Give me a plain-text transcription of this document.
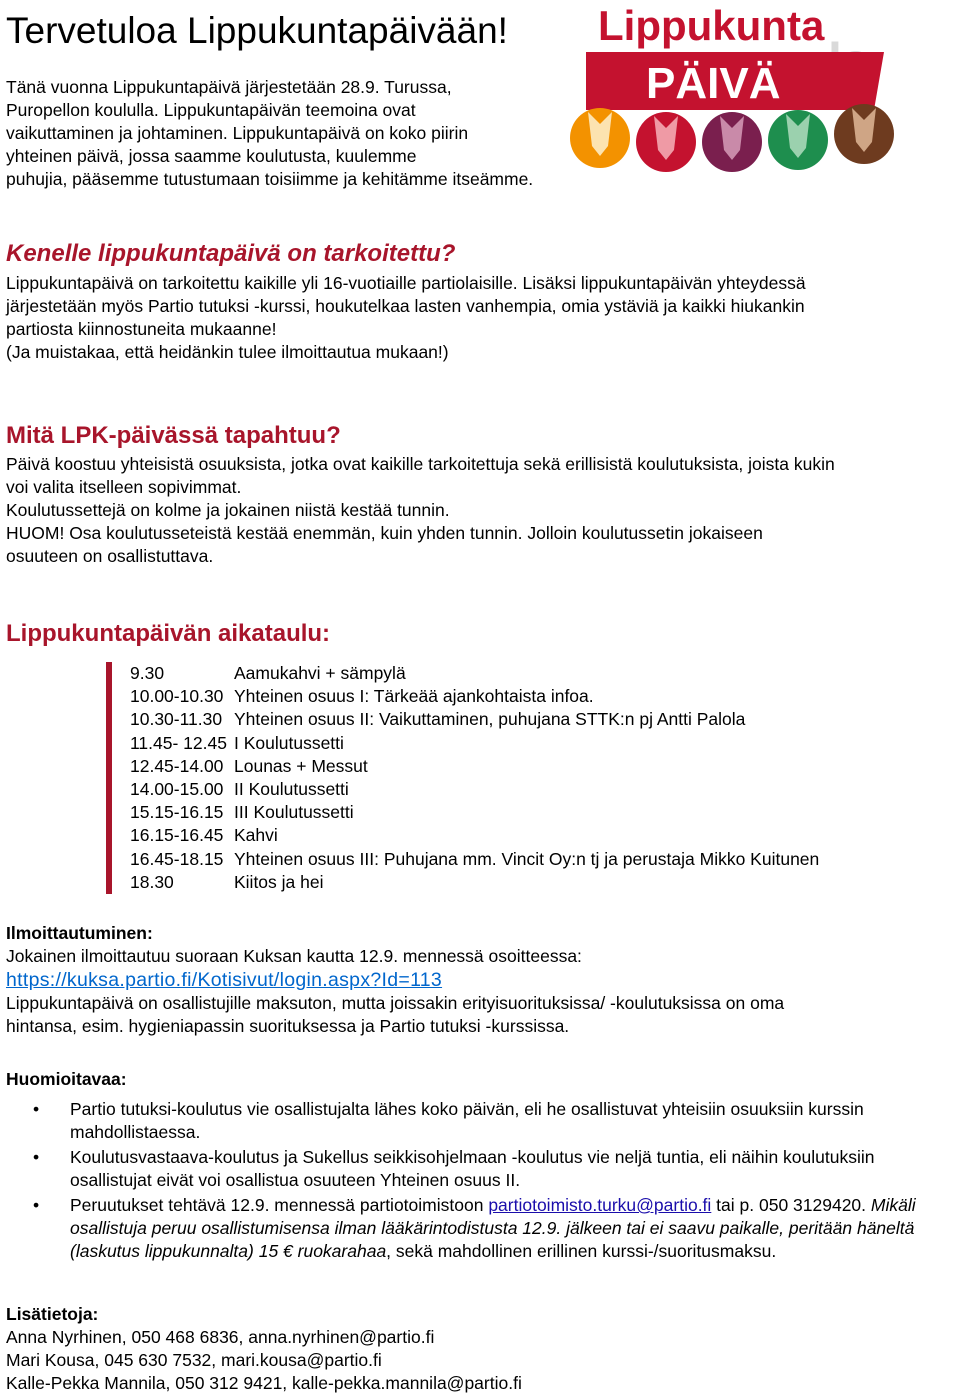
Tervetuloa Lippukuntapäivään! Lippukunta
PÄIVÄ

Tänä vuonna Lippukuntapäivä järjestetään 28.9. Turussa,

Puropellon koululla. Lippukuntapäivän teemoina ovat

vaikuttaminen ja johtaminen. Lippukuntapäivä on koko piirin

yhteinen päivä, jossa saamme koulutusta, kuulemme

puhujia, pääsemme tutustumaan toisiimme ja kehitämme itseämme.

Kenelle lippukuntapäivä on tarkoitettu?

Lippukuntapäivä on tarkoitettu kaikille yli 16-vuotiaille partiolaisille. Lisäksi lippukuntapäivän yhteydessä

järjestetään myös Partio tutuksi -kurssi, houkutelkaa lasten vanhempia, omia ystäviä ja kaikki hiukankin

partiosta kiinnostuneita mukaanne!

(Ja muistakaa, että heidänkin tulee ilmoittautua mukaan!)

Mitä LPK-päivässä tapahtuu?

Päivä koostuu yhteisistä osuuksista, jotka ovat kaikille tarkoitettuja sekä erillisistä koulutuksista, joista kukin

voi valita itselleen sopivimmat.

Koulutussettejä on kolme ja jokainen niistä kestää tunnin.

HUOM! Osa koulutusseteistä kestää enemmän, kuin yhden tunnin. Jolloin koulutussetin jokaiseen

osuuteen on osallistuttava.

Lippukuntapäivän aikataulu:
9.30	Aamukahvi + sämpylä
10.00-10.30 Yhteinen osuus I: Tärkeää ajankohtaista infoa.
10.30-11.30 Yhteinen osuus II: Vaikuttaminen, puhujana STTK:n pj Antti Palola
11.45- 12.45 I Koulutussetti
12.45-14.00 Lounas + Messut
14.00-15.00 II Koulutussetti
15.15-16.15 III Koulutussetti
16.15-16.45 Kahvi
16.45-18.15 Yhteinen osuus III: Puhujana mm. Vincit Oy:n tj ja perustaja Mikko Kuitunen
18.30	Kiitos ja hei

Ilmoittautuminen:

Jokainen ilmoittautuu suoraan Kuksan kautta 12.9. mennessä osoitteessa:

https://kuksa.partio.fi/Kotisivut/login.aspx?Id=113

Lippukuntapäivä on osallistujille maksuton, mutta joissakin erityisuorituksissa/ -koulutuksissa on oma

hintansa, esim. hygieniapassin suorituksessa ja Partio tutuksi -kurssissa.

Huomioitavaa:

• Partio tutuksi-koulutus vie osallistujalta lähes koko päivän, eli he osallistuvat yhteisiin osuuksiin kurssin mahdollistaessa.
• Koulutusvastaava-koulutus ja Sukellus seikkisohjelmaan -koulutus vie neljä tuntia, eli näihin koulutuksiin osallistujat eivät voi osallistua osuuteen Yhteinen osuus II.
• Peruutukset tehtävä 12.9. mennessä partiotoimistoon partiotoimisto.turku@partio.fi tai p. 050 3129420. Mikäli osallistuja peruu osallistumisensa ilman lääkärintodistusta 12.9. jälkeen tai ei saavu paikalle, peritään häneltä (laskutus lippukunnalta) 15 € ruokarahaa, sekä mahdollinen erillinen kurssi-/suoritusmaksu.

Lisätietoja:

Anna Nyrhinen, 050 468 6836, anna.nyrhinen@partio.fi

Mari Kousa, 045 630 7532, mari.kousa@partio.fi

Kalle-Pekka Mannila, 050 312 9421, kalle-pekka.mannila@partio.fi
